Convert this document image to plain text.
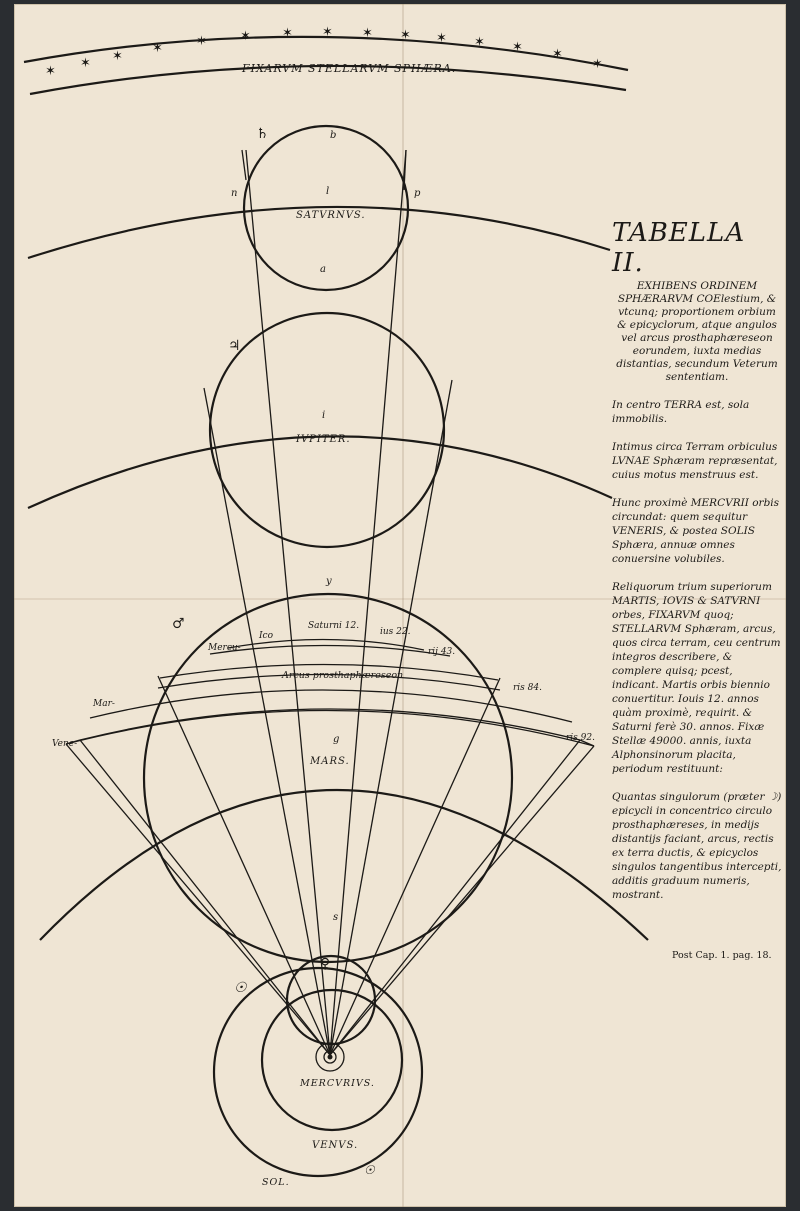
✶
✶ ✶
✶	✶	✶ ✶ ✶ ✶ ✶ ✶ ✶ ✶ ✶
✶
FIXARVM STELLARVM SPHÆRA.
SATVRNVS.
b
l	p
n
a
♄
IVPITER.
i
♃
MARS.
y
g
s
♂
Mercu-
Ico
Saturni 12.
ius 22.
rij 43.
Arcus prosthaphæreseon
ris 84.
ris 92.
Vene-
Mar-
MERCVRIVS.
VENVS.
SOL.
♀
☉
☉
☽
TABELLA II.
EXHIBENS ORDINEM SPHÆRARVM COElestium, & vtcunq; proportionem orbium & epicyclorum, atque angulos vel arcus prosthaphæreseon eorundem, iuxta medias distantias, secundum Veterum sententiam.

In centro TERRA est, sola immobilis.

Intimus circa Terram orbiculus LVNAE Sphæram repræsentat, cuius motus menstruus est.

Hunc proximè MERCVRII orbis circundat: quem sequitur VENERIS, & postea SOLIS Sphæra, annuæ omnes conuersine volubiles.

Reliquorum trium superiorum MARTIS, IOVIS & SATVRNI orbes, FIXARVM quoq; STELLARVM Sphæram, arcus, quos circa terram, ceu centrum integros describere, & complere quisq; pcest, indicant. Martis orbis biennio conuertitur. Iouis 12. annos quàm proximè, requirit. & Saturni ferè 30. annos. Fixæ Stellæ 49000. annis, iuxta Alphonsinorum placita, periodum restituunt:

Quantas singulorum (præter ☽) epicycli in concentrico circulo prosthaphæreses, in medijs distantijs faciant, arcus, rectis ex terra ductis, & epicyclos singulos tangentibus intercepti, additis graduum numeris, mostrant.

Post Cap. 1. pag. 18.
